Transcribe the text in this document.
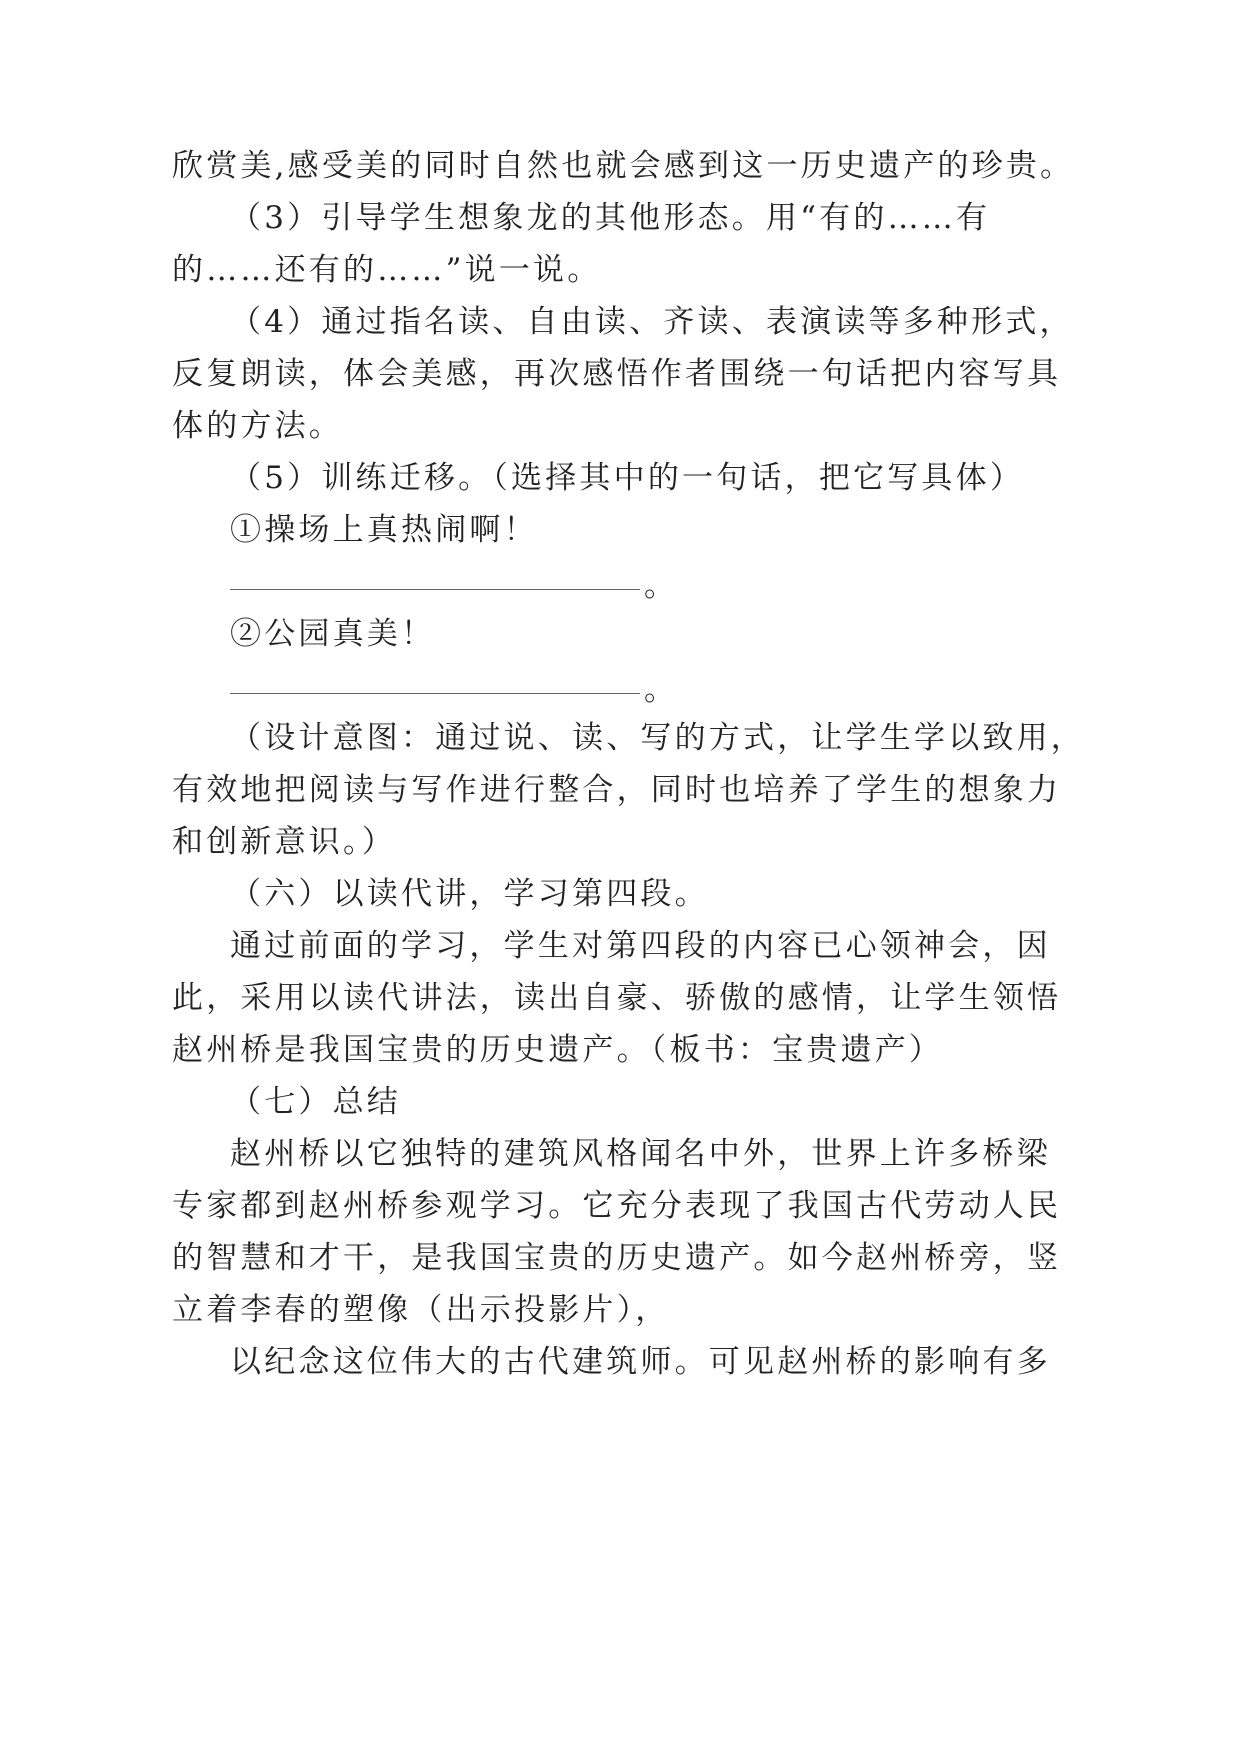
欣赏美,感受美的同时自然也就会感到这一历史遗产的珍贵。
（3）引导学生想象龙的其他形态。用“有的……有
的……还有的……”说一说。
（4）通过指名读、自由读、齐读、表演读等多种形式，
反复朗读，体会美感，再次感悟作者围绕一句话把内容写具
体的方法。
（5）训练迁移。（选择其中的一句话，把它写具体）
①操场上真热闹啊！
。
②公园真美！
。
（设计意图：通过说、读、写的方式，让学生学以致用，
有效地把阅读与写作进行整合，同时也培养了学生的想象力
和创新意识。）
（六）以读代讲，学习第四段。
通过前面的学习，学生对第四段的内容已心领神会，因
此，采用以读代讲法，读出自豪、骄傲的感情，让学生领悟
赵州桥是我国宝贵的历史遗产。（板书：宝贵遗产）
（七）总结
赵州桥以它独特的建筑风格闻名中外，世界上许多桥梁
专家都到赵州桥参观学习。它充分表现了我国古代劳动人民
的智慧和才干，是我国宝贵的历史遗产。如今赵州桥旁，竖
立着李春的塑像（出示投影片），
以纪念这位伟大的古代建筑师。可见赵州桥的影响有多
